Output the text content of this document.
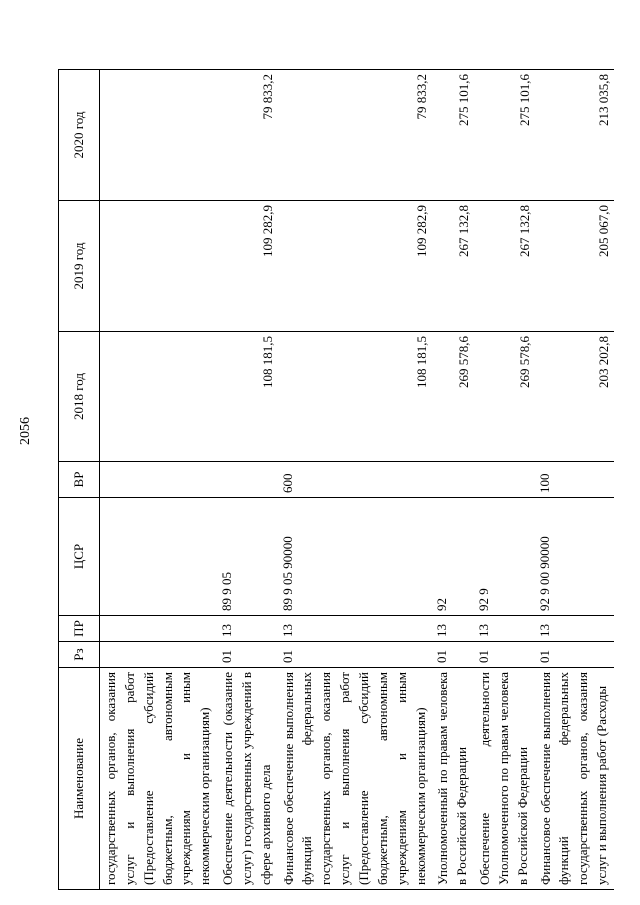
2056
Наименование	Рз	ПР	ЦСР	ВР	2018 год	2019 год	2020 год
государственных органов, оказания услуг и выполнения работ (Предоставление субсидий бюджетным, автономным учреждениям и иным некоммерческим организациям)							
Обеспечение деятельности (оказание услуг) государственных учреждений в сфере архивного дела	01	13	89 9 05		108 181,5	109 282,9	79 833,2
Финансовое обеспечение выполнения функций федеральных государственных органов, оказания услуг и выполнения работ (Предоставление субсидий бюджетным, автономным учреждениям и иным некоммерческим организациям)	01	13	89 9 05 90000	600	108 181,5	109 282,9	79 833,2
Уполномоченный по правам человека в Российской Федерации	01	13	92		269 578,6	267 132,8	275 101,6
Обеспечение деятельности Уполномоченного по правам человека в Российской Федерации	01	13	92 9		269 578,6	267 132,8	275 101,6
Финансовое обеспечение выполнения функций федеральных государственных органов, оказания услуг и выполнения работ (Расходы	01	13	92 9 00 90000	100	203 202,8	205 067,0	213 035,8
